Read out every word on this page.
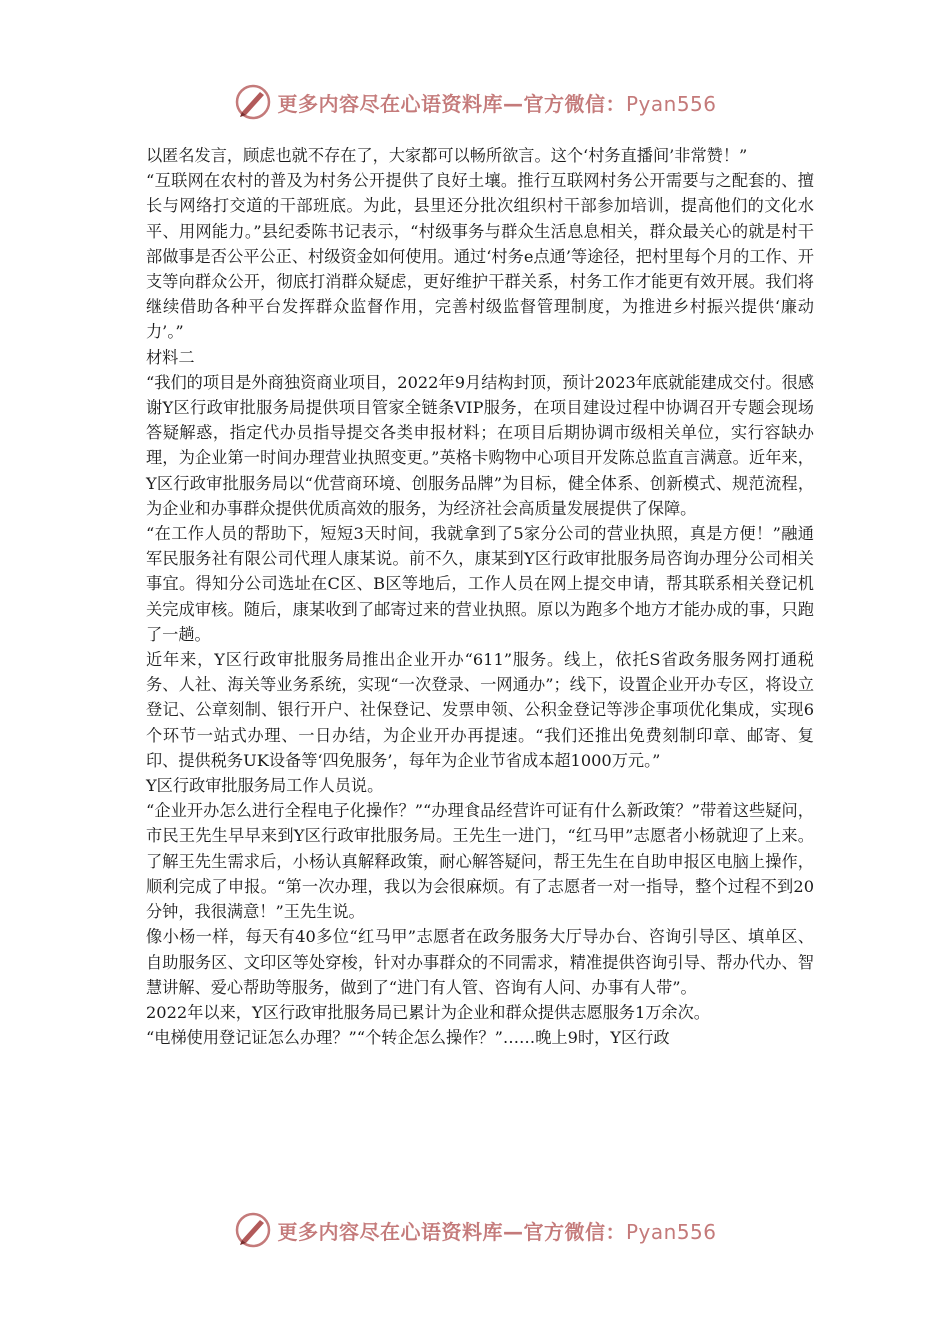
更多内容尽在心语资料库—官方微信：Pyan556

以匿名发言，顾虑也就不存在了，大家都可以畅所欲言。这个‘村务直播间’非常赞！”

“互联网在农村的普及为村务公开提供了良好土壤。推行互联网村务公开需要与之配套的、擅长与网络打交道的干部班底。为此，县里还分批次组织村干部参加培训，提高他们的文化水平、用网能力。”县纪委陈书记表示，“村级事务与群众生活息息相关，群众最关心的就是村干部做事是否公平公正、村级资金如何使用。通过‘村务e点通’等途径，把村里每个月的工作、开支等向群众公开，彻底打消群众疑虑，更好维护干群关系，村务工作才能更有效开展。我们将继续借助各种平台发挥群众监督作用，完善村级监督管理制度，为推进乡村振兴提供‘廉动力’。”

材料二

“我们的项目是外商独资商业项目，2022年9月结构封顶，预计2023年底就能建成交付。很感谢Y区行政审批服务局提供项目管家全链条VIP服务，在项目建设过程中协调召开专题会现场答疑解惑，指定代办员指导提交各类申报材料；在项目后期协调市级相关单位，实行容缺办理，为企业第一时间办理营业执照变更。”英格卡购物中心项目开发陈总监直言满意。近年来，Y区行政审批服务局以“优营商环境、创服务品牌”为目标，健全体系、创新模式、规范流程，为企业和办事群众提供优质高效的服务，为经济社会高质量发展提供了保障。

“在工作人员的帮助下，短短3天时间，我就拿到了5家分公司的营业执照，真是方便！”融通军民服务社有限公司代理人康某说。前不久，康某到Y区行政审批服务局咨询办理分公司相关事宜。得知分公司选址在C区、B区等地后，工作人员在网上提交申请，帮其联系相关登记机关完成审核。随后，康某收到了邮寄过来的营业执照。原以为跑多个地方才能办成的事，只跑了一趟。

近年来，Y区行政审批服务局推出企业开办“611”服务。线上，依托S省政务服务网打通税务、人社、海关等业务系统，实现“一次登录、一网通办”；线下，设置企业开办专区，将设立登记、公章刻制、银行开户、社保登记、发票申领、公积金登记等涉企事项优化集成，实现6个环节一站式办理、一日办结，为企业开办再提速。“我们还推出免费刻制印章、邮寄、复印、提供税务UK设备等‘四免服务’，每年为企业节省成本超1000万元。”

Y区行政审批服务局工作人员说。

“企业开办怎么进行全程电子化操作？”“办理食品经营许可证有什么新政策？”带着这些疑问，市民王先生早早来到Y区行政审批服务局。王先生一进门，“红马甲”志愿者小杨就迎了上来。了解王先生需求后，小杨认真解释政策，耐心解答疑问，帮王先生在自助申报区电脑上操作，顺利完成了申报。“第一次办理，我以为会很麻烦。有了志愿者一对一指导，整个过程不到20分钟，我很满意！”王先生说。

像小杨一样，每天有40多位“红马甲”志愿者在政务服务大厅导办台、咨询引导区、填单区、自助服务区、文印区等处穿梭，针对办事群众的不同需求，精准提供咨询引导、帮办代办、智慧讲解、爱心帮助等服务，做到了“进门有人管、咨询有人问、办事有人带”。

2022年以来，Y区行政审批服务局已累计为企业和群众提供志愿服务1万余次。

“电梯使用登记证怎么办理？”“个转企怎么操作？”……晚上9时，Y区行政

更多内容尽在心语资料库—官方微信：Pyan556
